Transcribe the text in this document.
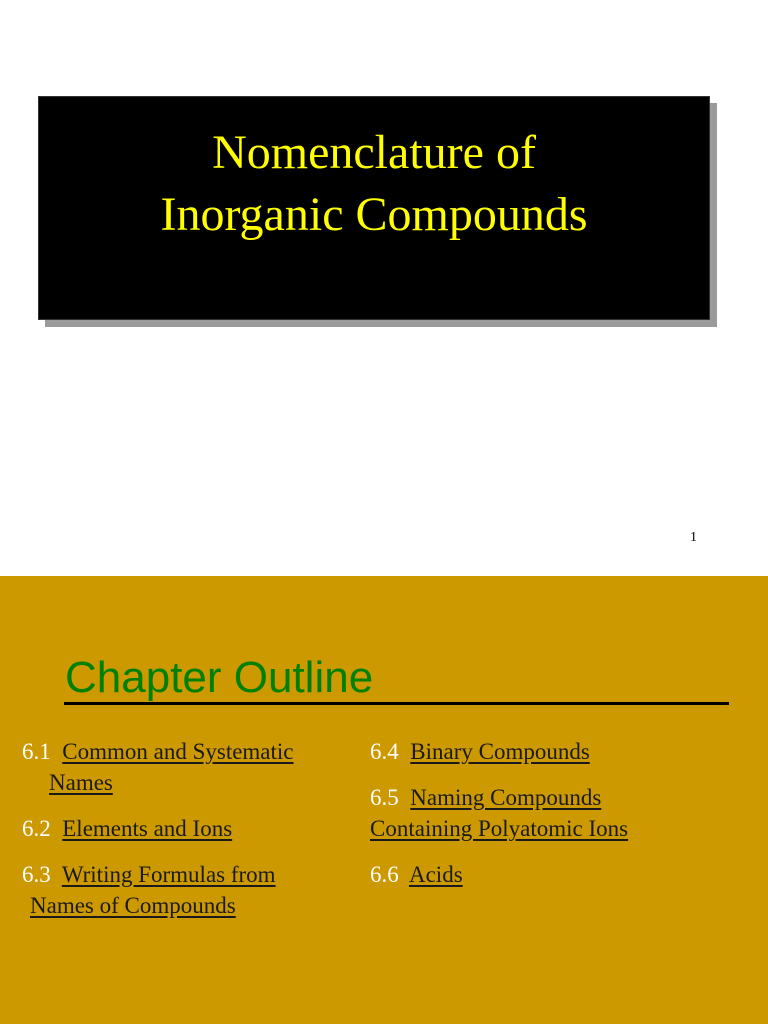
Nomenclature of
Inorganic Compounds
1
Chapter Outline
6.1 Common and Systematic
Names
6.2 Elements and Ions
6.3 Writing Formulas from
Names of Compounds
6.4 Binary Compounds
6.5 Naming Compounds
Containing Polyatomic Ions
6.6 Acids
